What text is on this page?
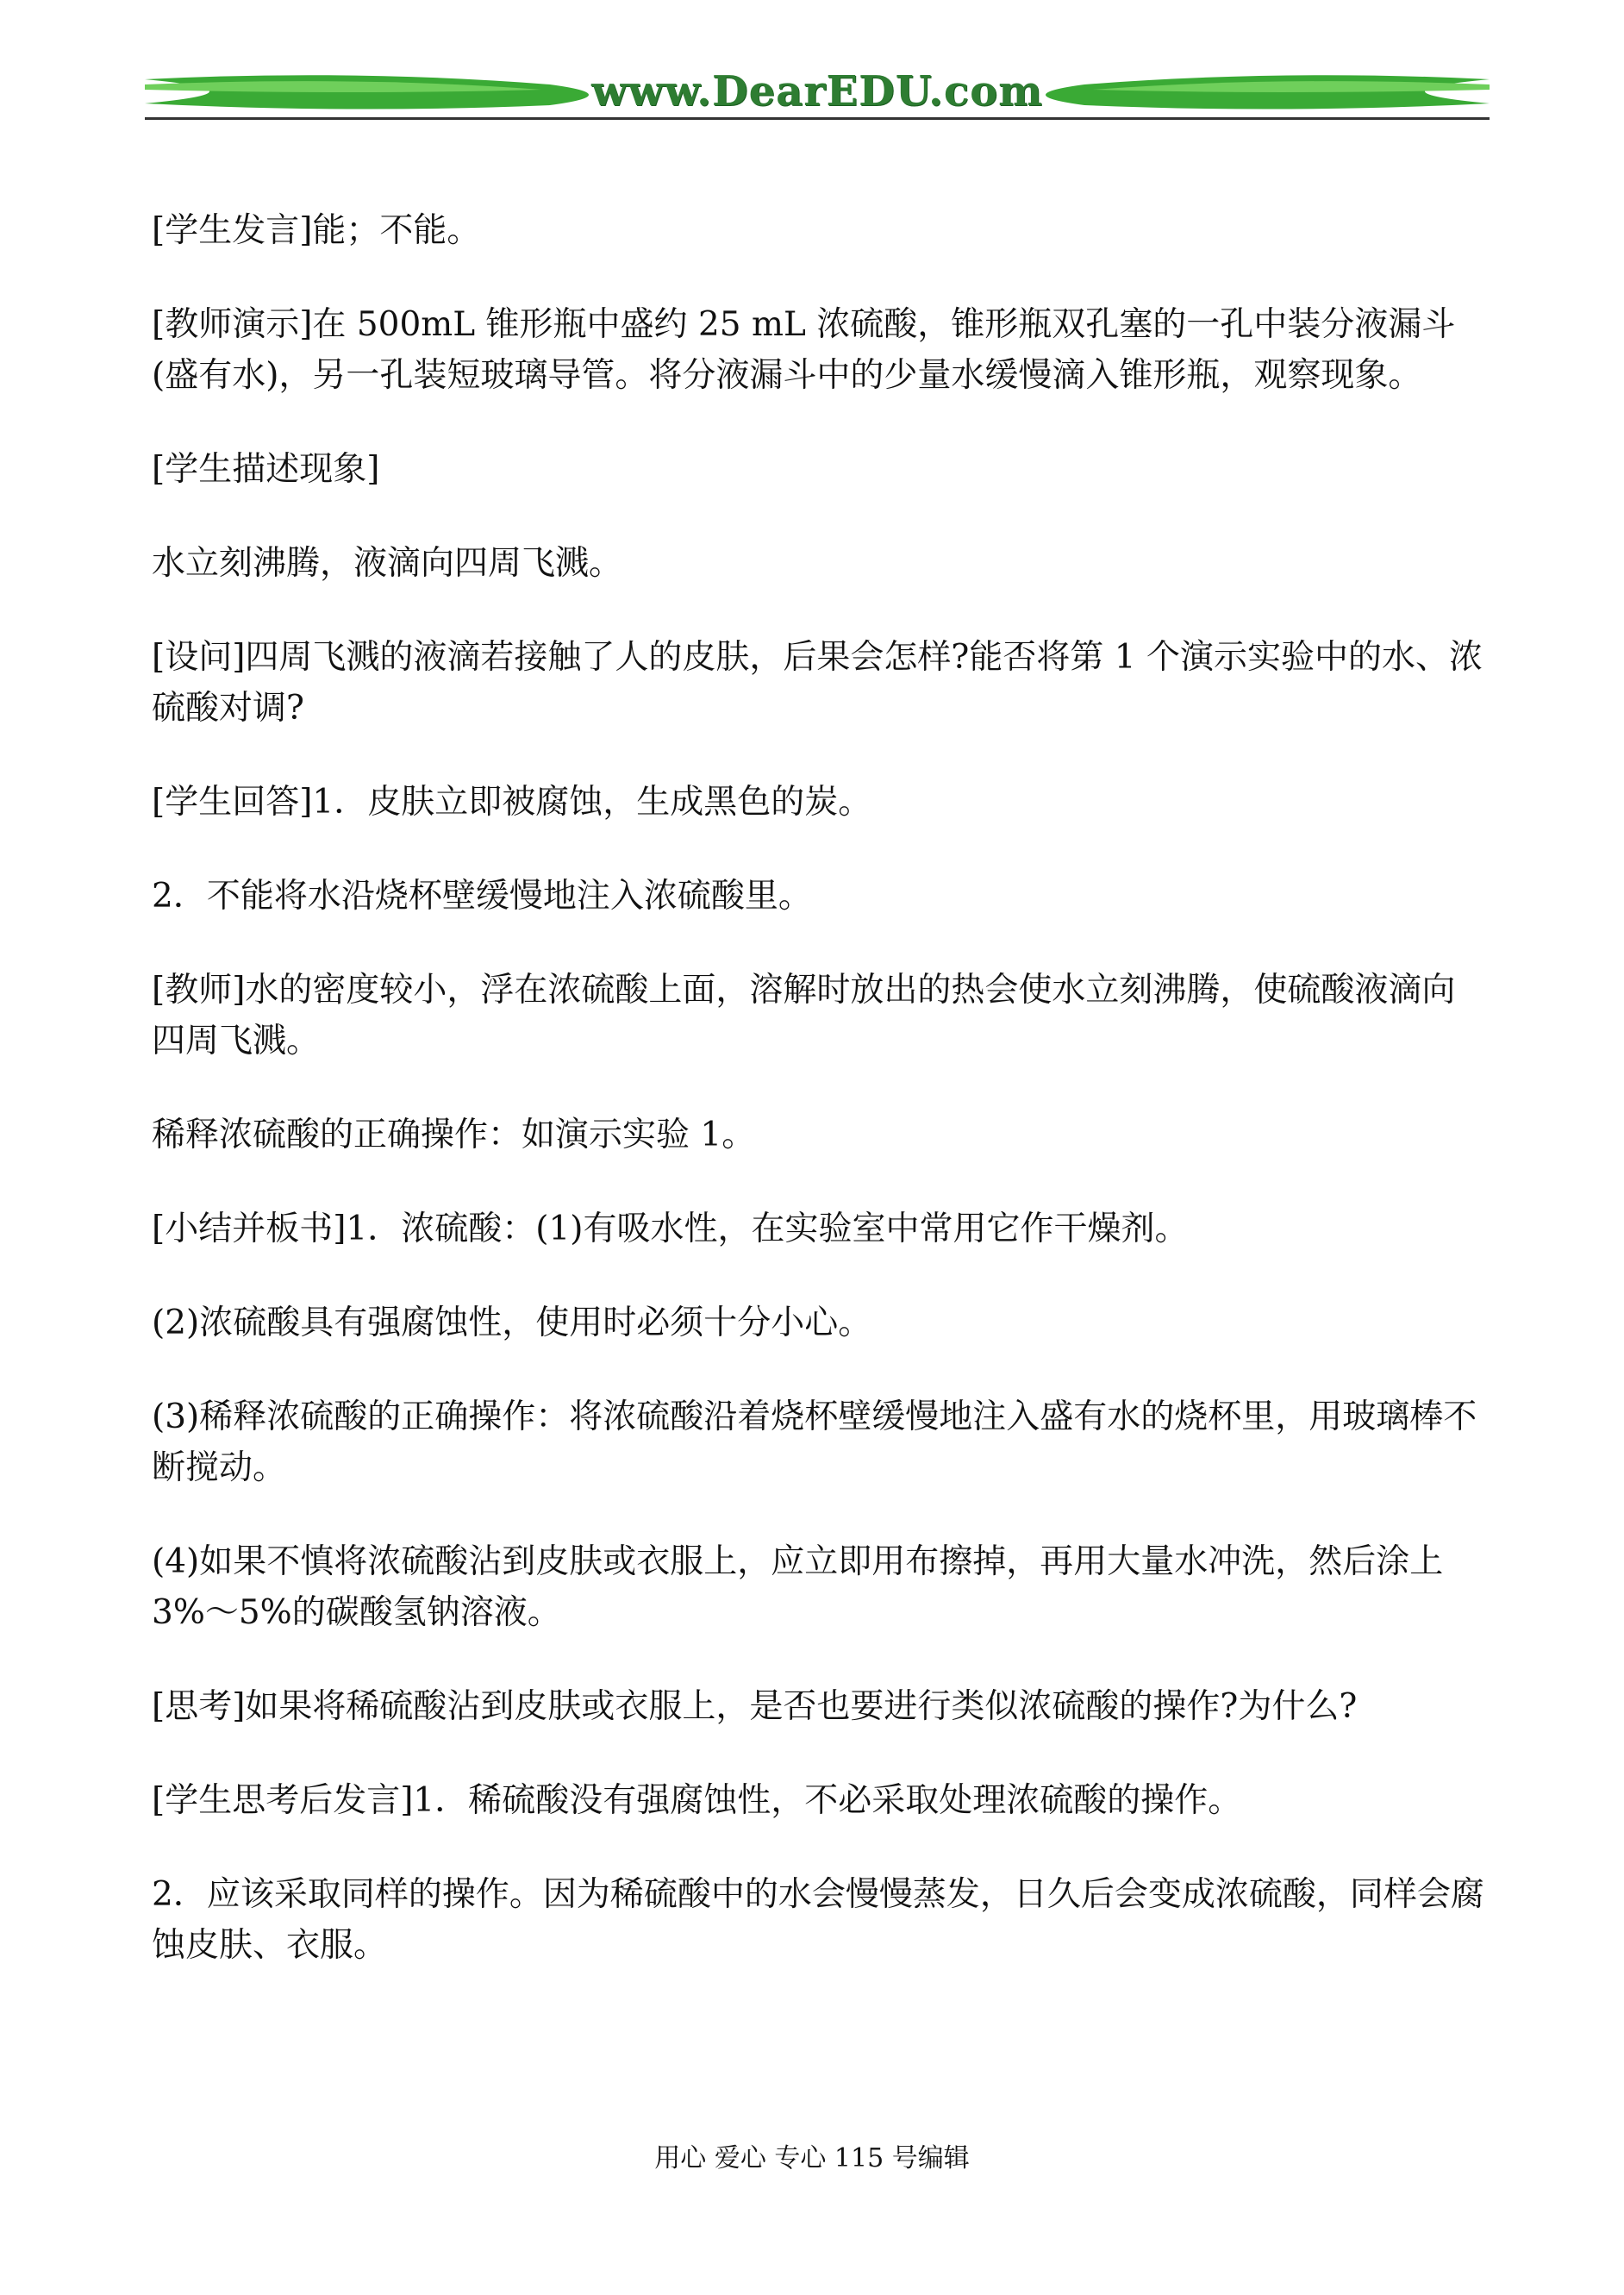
www.DearEDU.com

[学生发言]能；不能。

[教师演示]在 500mL 锥形瓶中盛约 25 mL 浓硫酸，锥形瓶双孔塞的一孔中装分液漏斗(盛有水)，另一孔装短玻璃导管。将分液漏斗中的少量水缓慢滴入锥形瓶，观察现象。

[学生描述现象]

水立刻沸腾，液滴向四周飞溅。

[设问]四周飞溅的液滴若接触了人的皮肤，后果会怎样?能否将第 1 个演示实验中的水、浓硫酸对调?

[学生回答]1．皮肤立即被腐蚀，生成黑色的炭。

2．不能将水沿烧杯壁缓慢地注入浓硫酸里。

[教师]水的密度较小，浮在浓硫酸上面，溶解时放出的热会使水立刻沸腾，使硫酸液滴向四周飞溅。

稀释浓硫酸的正确操作：如演示实验 1。

[小结并板书]1．浓硫酸：(1)有吸水性，在实验室中常用它作干燥剂。

(2)浓硫酸具有强腐蚀性，使用时必须十分小心。

(3)稀释浓硫酸的正确操作：将浓硫酸沿着烧杯壁缓慢地注入盛有水的烧杯里，用玻璃棒不断搅动。

(4)如果不慎将浓硫酸沾到皮肤或衣服上，应立即用布擦掉，再用大量水冲洗，然后涂上 3%～5%的碳酸氢钠溶液。

[思考]如果将稀硫酸沾到皮肤或衣服上，是否也要进行类似浓硫酸的操作?为什么?

[学生思考后发言]1．稀硫酸没有强腐蚀性，不必采取处理浓硫酸的操作。

2．应该采取同样的操作。因为稀硫酸中的水会慢慢蒸发，日久后会变成浓硫酸，同样会腐蚀皮肤、衣服。

用心 爱心 专心 115 号编辑
